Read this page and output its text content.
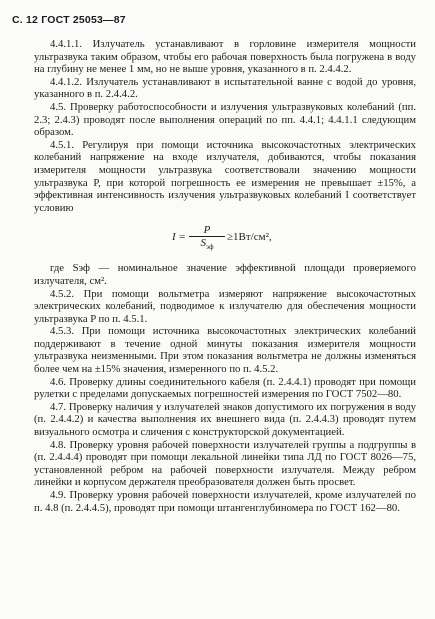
С. 12 ГОСТ 25053—87

4.4.1.1. Излучатель устанавливают в горловине измерителя мощности ультразвука таким образом, чтобы его рабочая поверхность была погружена в воду на глубину не менее 1 мм, но не выше уровня, указанного в п. 2.4.4.2.

4.4.1.2. Излучатель устанавливают в испытательной ванне с водой до уровня, указанного в п. 2.4.4.2.

4.5. Проверку работоспособности и излучения ультразвуковых колебаний (пп. 2.3; 2.4.3) проводят после выполнения операций по пп. 4.4.1; 4.4.1.1 следующим образом.

4.5.1. Регулируя при помощи источника высокочастотных электрических колебаний напряжение на входе излучателя, добиваются, чтобы показания измерителя мощности ультразвука соответствовали значению мощности ультразвука P, при которой погрешность ее измерения не превышает ±15%, а эффективная интенсивность излучения ультразвуковых колебаний I соответствует условию

I =
P
$S_{эф}$
≥1Вт/см²,

где Sэф — номинальное значение эффективной площади проверяемого излучателя, см².

4.5.2. При помощи вольтметра измеряют напряжение высокочастотных электрических колебаний, подводимое к излучателю для обеспечения мощности ультразвука P по п. 4.5.1.

4.5.3. При помощи источника высокочастотных электрических колебаний поддерживают в течение одной минуты показания измерителя мощности ультразвука неизменными. При этом показания вольтметра не должны изменяться более чем на ±15% значения, измеренного по п. 4.5.2.

4.6. Проверку длины соединительного кабеля (п. 2.4.4.1) проводят при помощи рулетки с пределами допускаемых погрешностей измерения по ГОСТ 7502—80.

4.7. Проверку наличия у излучателей знаков допустимого их погружения в воду (п. 2.4.4.2) и качества выполнения их внешнего вида (п. 2.4.4.3) проводят путем визуального осмотра и сличения с конструкторской документацией.

4.8. Проверку уровня рабочей поверхности излучателей группы а подгруппы в (п. 2.4.4.4) проводят при помощи лекальной линейки типа ЛД по ГОСТ 8026—75, установленной ребром на рабочей поверхности излучателя. Между ребром линейки и корпусом держателя преобразователя должен быть просвет.

4.9. Проверку уровня рабочей поверхности излучателей, кроме излучателей по п. 4.8 (п. 2.4.4.5), проводят при помощи штангенглубиномера по ГОСТ 162—80.
